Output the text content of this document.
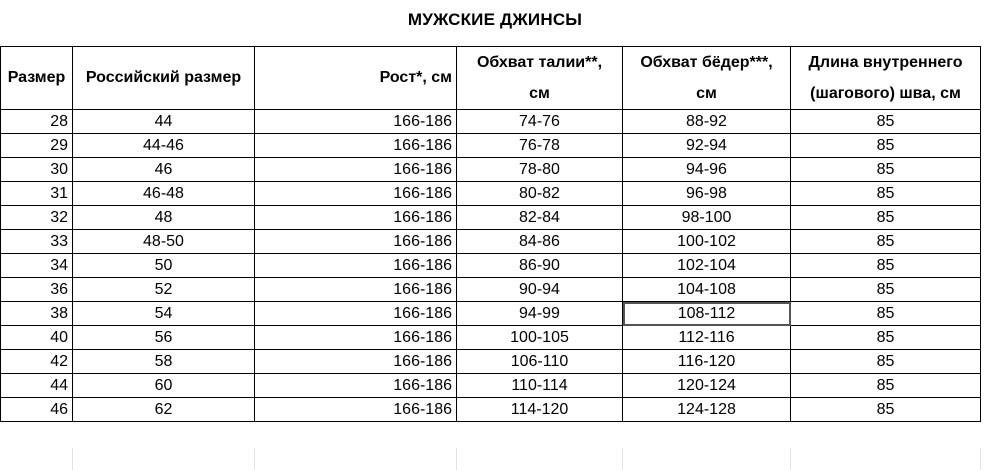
МУЖСКИЕ ДЖИНСЫ
Размер	Российский размер	Рост*, см	Обхват талии**,	Обхват бёдер***,	Длина внутреннего
			см	см	(шагового) шва, см
28	44	166-186	74-76	88-92	85
29	44-46	166-186	76-78	92-94	85
30	46	166-186	78-80	94-96	85
31	46-48	166-186	80-82	96-98	85
32	48	166-186	82-84	98-100	85
33	48-50	166-186	84-86	100-102	85
34	50	166-186	86-90	102-104	85
36	52	166-186	90-94	104-108	85
38	54	166-186	94-99	108-112	85
40	56	166-186	100-105	112-116	85
42	58	166-186	106-110	116-120	85
44	60	166-186	110-114	120-124	85
46	62	166-186	114-120	124-128	85
